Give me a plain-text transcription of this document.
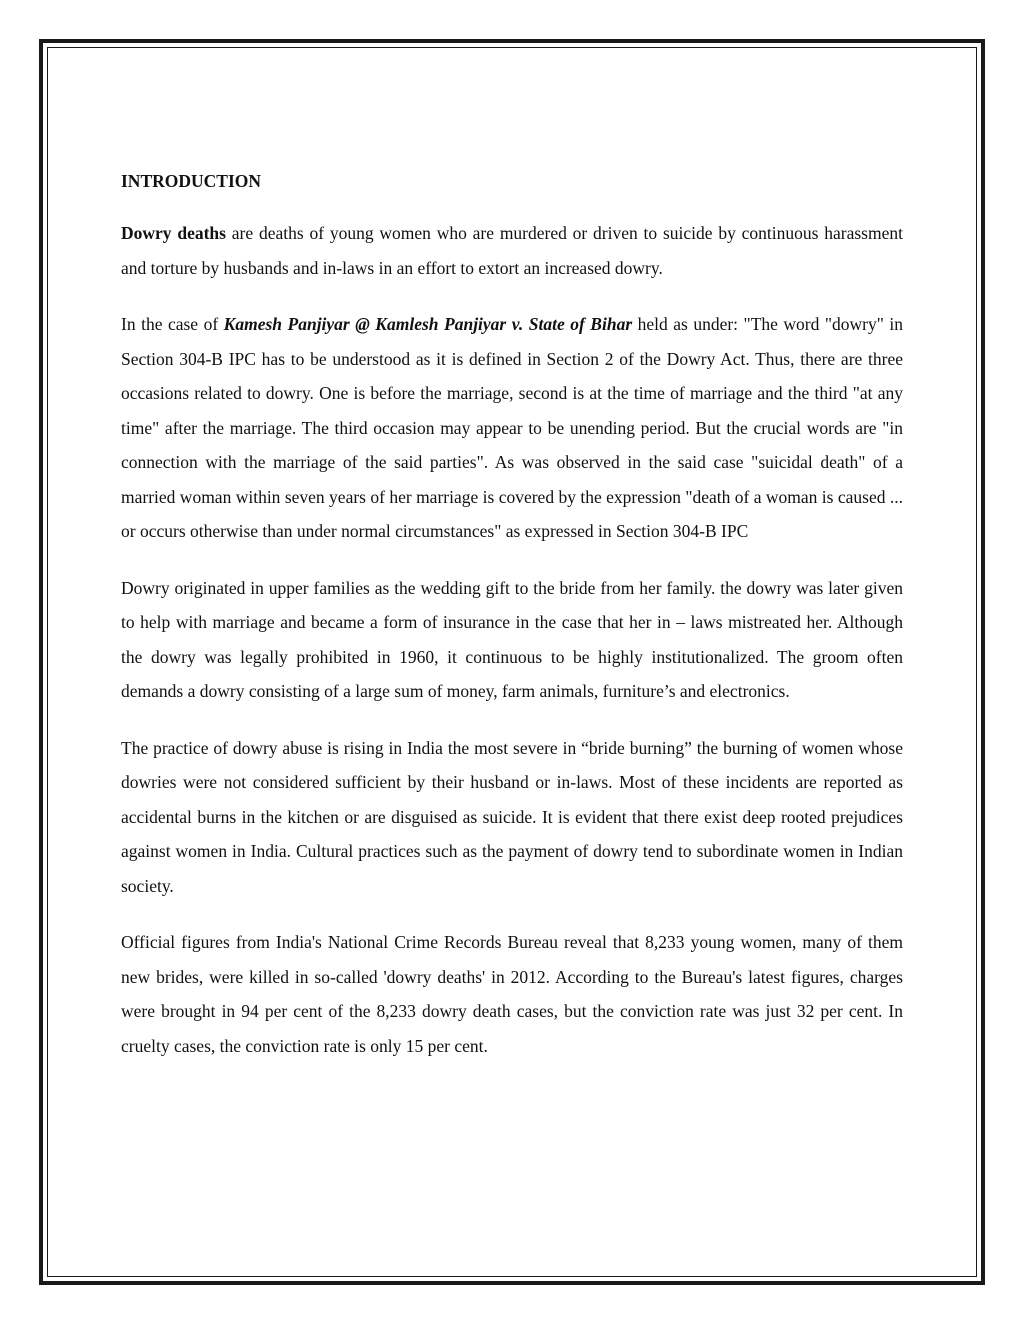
INTRODUCTION

Dowry deaths are deaths of young women who are murdered or driven to suicide by continuous harassment and torture by husbands and in-laws in an effort to extort an increased dowry.

In the case of Kamesh Panjiyar @ Kamlesh Panjiyar v. State of Bihar held as under: "The word "dowry" in Section 304-B IPC has to be understood as it is defined in Section 2 of the Dowry Act. Thus, there are three occasions related to dowry. One is before the marriage, second is at the time of marriage and the third "at any time" after the marriage. The third occasion may appear to be unending period. But the crucial words are "in connection with the marriage of the said parties". As was observed in the said case "suicidal death" of a married woman within seven years of her marriage is covered by the expression "death of a woman is caused ... or occurs otherwise than under normal circumstances" as expressed in Section 304-B IPC

Dowry originated in upper families as the wedding gift to the bride from her family. the dowry was later given to help with marriage and became a form of insurance in the case that her in – laws mistreated her. Although the dowry was legally prohibited in 1960, it continuous to be highly institutionalized. The groom often demands a dowry consisting of a large sum of money, farm animals, furniture’s and electronics.

The practice of dowry abuse is rising in India the most severe in “bride burning” the burning of women whose dowries were not considered sufficient by their husband or in-laws. Most of these incidents are reported as accidental burns in the kitchen or are disguised as suicide. It is evident that there exist deep rooted prejudices against women in India. Cultural practices such as the payment of dowry tend to subordinate women in Indian society.

Official figures from India's National Crime Records Bureau reveal that 8,233 young women, many of them new brides, were killed in so-called 'dowry deaths' in 2012. According to the Bureau's latest figures, charges were brought in 94 per cent of the 8,233 dowry death cases, but the conviction rate was just 32 per cent. In cruelty cases, the conviction rate is only 15 per cent.
